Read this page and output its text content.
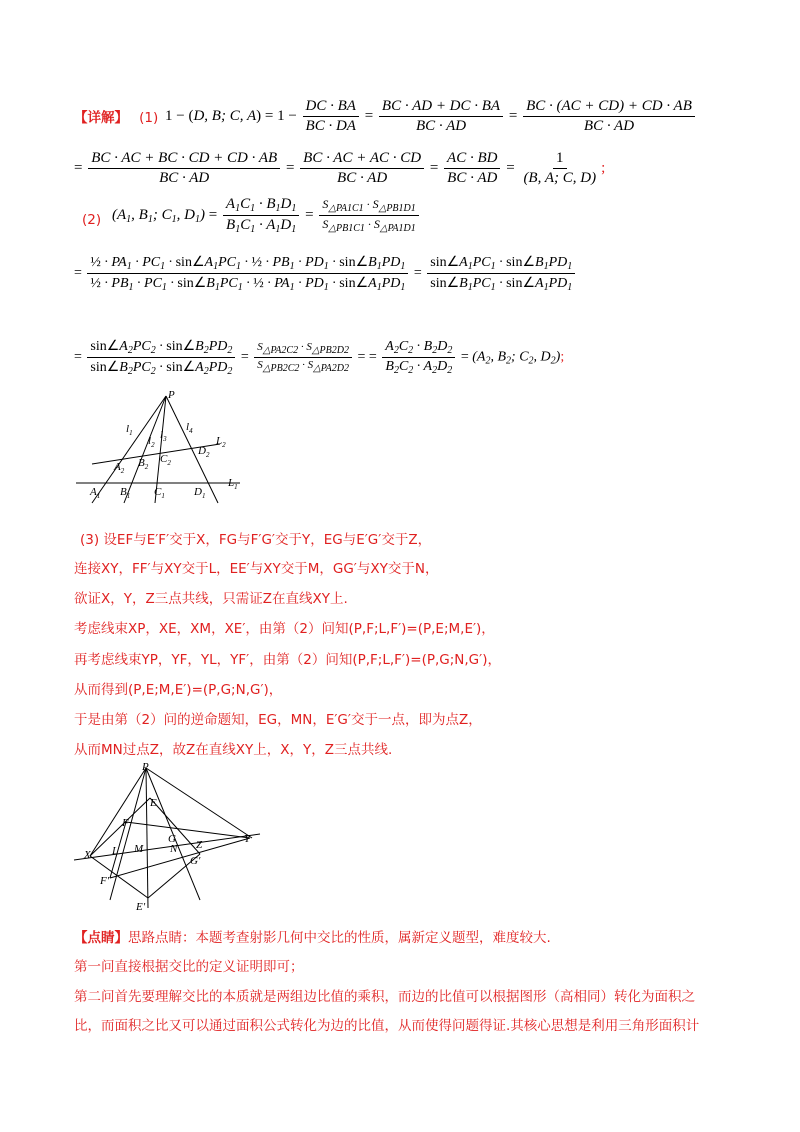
【详解】 (1) 1 − (D, B; C, $A) = 1 - \frac{DC \cdot BA}{BC \cdot DA} = \frac{BC \cdot AD + DC \cdot BA}{BC \cdot AD} = \frac{BC \cdot (AC + CD) + CD \cdot AB}{BC \cdot AD}$
= $\frac{BC \cdot AC + BC \cdot CD + CD \cdot AB}{BC \cdot AD} = \frac{BC \cdot AC + AC \cdot CD}{BC \cdot AD} = \frac{AC \cdot BD}{BC \cdot AD} = \frac{1}{(B, A; C, D)}$ ;
(2) ($A_1$, $B_1$; $C_1$, $D_1) = \frac{A_1C_1 \cdot B_1D_1}{B_1C_1 \cdot A_1D_1} = \frac{S_{\triangle PA1C1} \cdot S_{\triangle PB1D1}}{S_{\triangle PB1C1} \cdot S_{\triangle PA1D1}}$
= $\frac{\frac{1}{2} \cdot PA_1 \cdot PC_1 \cdot \sin\angle A_1PC_1 \cdot \frac{1}{2} \cdot PB_1 \cdot PD_1 \cdot \sin\angle B_1PD_1}{\frac{1}{2} \cdot PB_1 \cdot PC_1 \cdot \sin\angle B_1PC_1 \cdot \frac{1}{2} \cdot PA_1 \cdot PD_1 \cdot \sin\angle A_1PD_1} = \frac{\sin\angle A_1PC_1 \cdot \sin\angle B_1PD_1}{\sin\angle B_1PC_1 \cdot \sin\angle A_1PD_1}$
= $\frac{\sin\angle A_2PC_2 \cdot \sin\angle B_2PD_2}{\sin\angle B_2PC_2 \cdot \sin\angle A_2PD_2} = \frac{S_{\triangle PA2C2} \cdot S_{\triangle PB2D2}}{S_{\triangle PB2C2} \cdot S_{\triangle PA2D2}}$ = = $\frac{A_2C_2 \cdot B_2D_2}{B_2C_2 \cdot A_2D_2} = (A_2$, $B_2$; $C_2$, $D_2$);
P
$l_1$
$l_2$
$l_3$
$l_4$
$L_2$
$D_2$
$A_2$
$B_2$
$C_2$
$A_1$ $B_1$ $C_1$	$D_1$
$L_1$
(3) 设EF与E′F′交于X，FG与F′G′交于Y，EG与E′G′交于Z，
连接XY，FF′与XY交于L，EE′与XY交于M，GG′与XY交于N，
欲证X，Y，Z三点共线，只需证Z在直线XY上.
考虑线束XP，XE，XM，XE′，由第（2）问知(P,F;L,F′)=(P,E;M,E′)，
再考虑线束YP，YF，YL，YF′，由第（2）问知(P,F;L,F′)=(P,G;N,G′)，
从而得到(P,E;M,E′)=(P,G;N,G′)，
于是由第（2）问的逆命题知，EG，MN，E′G′交于一点，即为点Z，
从而MN过点Z，故Z在直线XY上，X，Y，Z三点共线.
P
E
F
G Z	Y
X L M N
G′
F′
E′
【点睛】思路点睛：本题考查射影几何中交比的性质，属新定义题型，难度较大.
第一问直接根据交比的定义证明即可；
第二问首先要理解交比的本质就是两组边比值的乘积，而边的比值可以根据图形（高相同）转化为面积之
比，而面积之比又可以通过面积公式转化为边的比值，从而使得问题得证.其核心思想是利用三角形面积计
